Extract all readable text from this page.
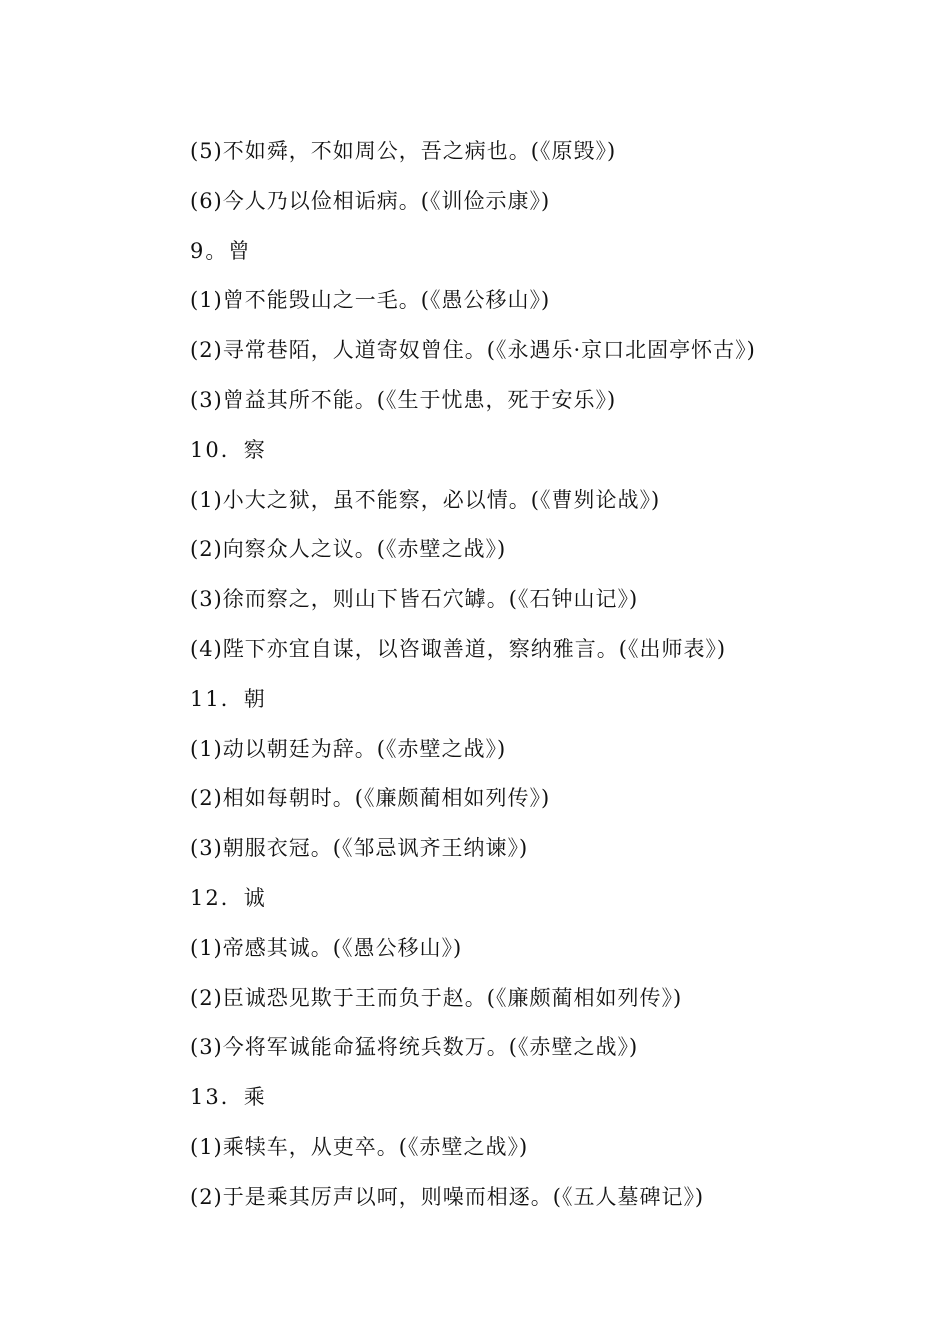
(5)不如舜，不如周公，吾之病也。(《原毁》)
(6)今人乃以俭相诟病。(《训俭示康》)
9。曾
(1)曾不能毁山之一毛。(《愚公移山》)
(2)寻常巷陌，人道寄奴曾住。(《永遇乐·京口北固亭怀古》)
(3)曾益其所不能。(《生于忧患，死于安乐》)
10．察
(1)小大之狱，虽不能察，必以情。(《曹刿论战》)
(2)向察众人之议。(《赤壁之战》)
(3)徐而察之，则山下皆石穴罅。(《石钟山记》)
(4)陛下亦宜自谋，以咨诹善道，察纳雅言。(《出师表》)
11．朝
(1)动以朝廷为辞。(《赤壁之战》)
(2)相如每朝时。(《廉颇蔺相如列传》)
(3)朝服衣冠。(《邹忌讽齐王纳谏》)
12．诚
(1)帝感其诚。(《愚公移山》)
(2)臣诚恐见欺于王而负于赵。(《廉颇蔺相如列传》)
(3)今将军诚能命猛将统兵数万。(《赤壁之战》)
13．乘
(1)乘犊车，从吏卒。(《赤壁之战》)
(2)于是乘其厉声以呵，则噪而相逐。(《五人墓碑记》)
